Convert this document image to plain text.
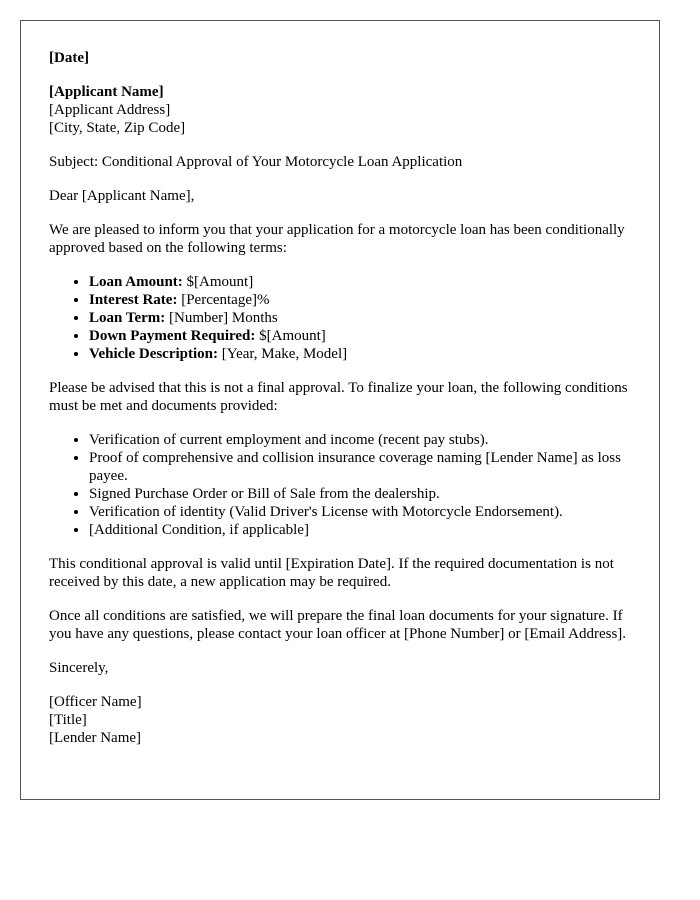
[Date]

[Applicant Name]
[Applicant Address]
[City, State, Zip Code]

Subject: Conditional Approval of Your Motorcycle Loan Application

Dear [Applicant Name],

We are pleased to inform you that your application for a motorcycle loan has been conditionally approved based on the following terms:

• Loan Amount: $[Amount]
• Interest Rate: [Percentage]%
• Loan Term: [Number] Months
• Down Payment Required: $[Amount]
• Vehicle Description: [Year, Make, Model]

Please be advised that this is not a final approval. To finalize your loan, the following conditions must be met and documents provided:

• Verification of current employment and income (recent pay stubs).
• Proof of comprehensive and collision insurance coverage naming [Lender Name] as loss payee.
• Signed Purchase Order or Bill of Sale from the dealership.
• Verification of identity (Valid Driver's License with Motorcycle Endorsement).
• [Additional Condition, if applicable]

This conditional approval is valid until [Expiration Date]. If the required documentation is not received by this date, a new application may be required.

Once all conditions are satisfied, we will prepare the final loan documents for your signature. If you have any questions, please contact your loan officer at [Phone Number] or [Email Address].

Sincerely,

[Officer Name]
[Title]
[Lender Name]
